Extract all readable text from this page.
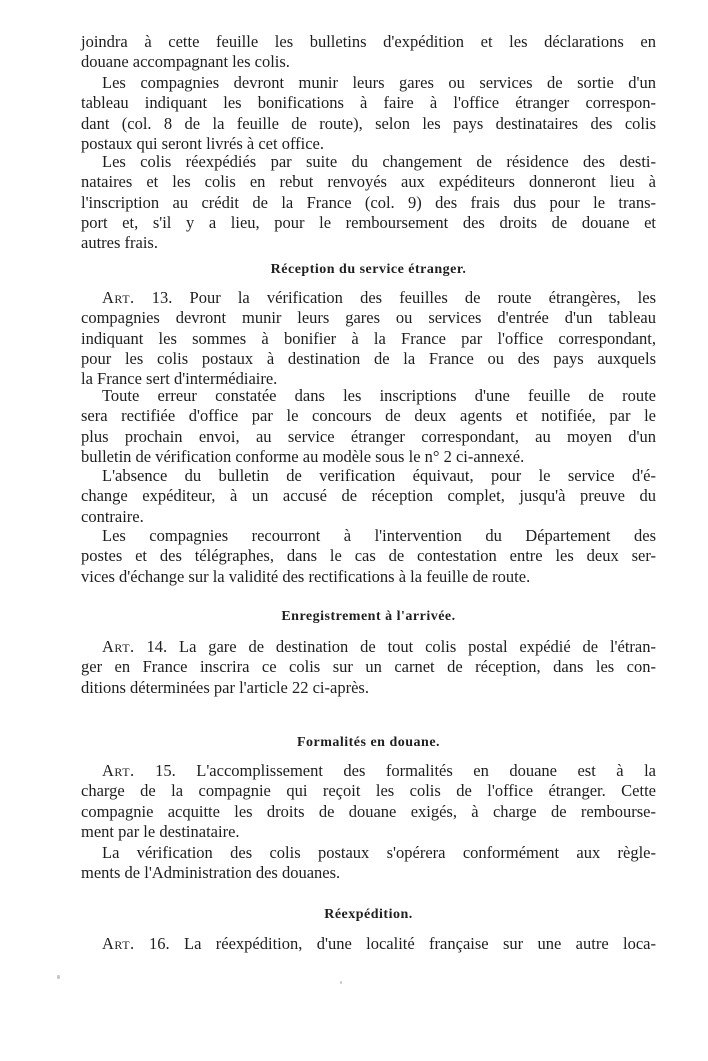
joindra à cette feuille les bulletins d'expédition et les déclarations en
douane accompagnant les colis.
Les compagnies devront munir leurs gares ou services de sortie d'un
tableau indiquant les bonifications à faire à l'office étranger correspon-
dant (col. 8 de la feuille de route), selon les pays destinataires des colis
postaux qui seront livrés à cet office.
Les colis réexpédiés par suite du changement de résidence des desti-
nataires et les colis en rebut renvoyés aux expéditeurs donneront lieu à
l'inscription au crédit de la France (col. 9) des frais dus pour le trans-
port et, s'il y a lieu, pour le remboursement des droits de douane et
autres frais.
Réception du service étranger.
Art. 13. Pour la vérification des feuilles de route étrangères, les
compagnies devront munir leurs gares ou services d'entrée d'un tableau
indiquant les sommes à bonifier à la France par l'office correspondant,
pour les colis postaux à destination de la France ou des pays auxquels
la France sert d'intermédiaire.
Toute erreur constatée dans les inscriptions d'une feuille de route
sera rectifiée d'office par le concours de deux agents et notifiée, par le
plus prochain envoi, au service étranger correspondant, au moyen d'un
bulletin de vérification conforme au modèle sous le n° 2 ci-annexé.
L'absence du bulletin de verification équivaut, pour le service d'é-
change expéditeur, à un accusé de réception complet, jusqu'à preuve du
contraire.
Les compagnies recourront à l'intervention du Département des
postes et des télégraphes, dans le cas de contestation entre les deux ser-
vices d'échange sur la validité des rectifications à la feuille de route.
Enregistrement à l'arrivée.
Art. 14. La gare de destination de tout colis postal expédié de l'étran-
ger en France inscrira ce colis sur un carnet de réception, dans les con-
ditions déterminées par l'article 22 ci-après.
Formalités en douane.
Art. 15. L'accomplissement des formalités en douane est à la
charge de la compagnie qui reçoit les colis de l'office étranger. Cette
compagnie acquitte les droits de douane exigés, à charge de rembourse-
ment par le destinataire.
La vérification des colis postaux s'opérera conformément aux règle-
ments de l'Administration des douanes.
Réexpédition.
Art. 16. La réexpédition, d'une localité française sur une autre loca-
